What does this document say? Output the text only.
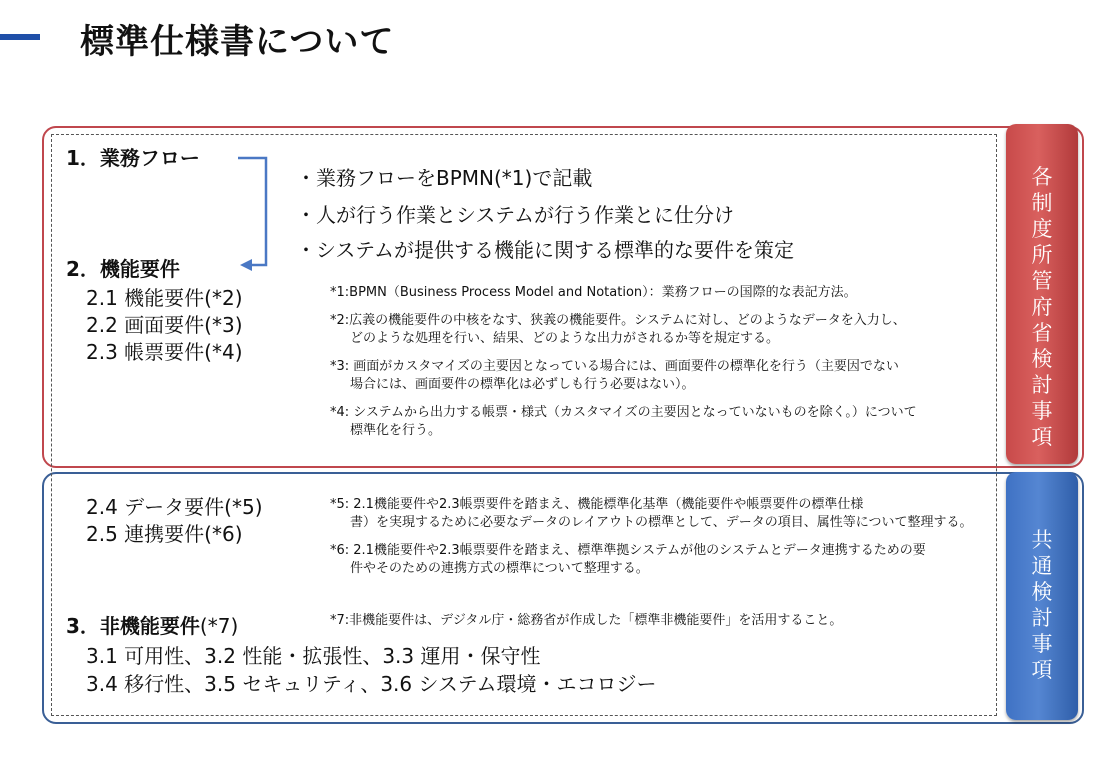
標準仕様書について
各制度所管府省検討事項
共通検討事項
1．業務フロー
2．機能要件
2.1 機能要件(*2)
2.2 画面要件(*3)
2.3 帳票要件(*4)
・業務フローをBPMN(*1)で記載
・人が行う作業とシステムが行う作業とに仕分け
・システムが提供する機能に関する標準的な要件を策定
*1:BPMN（Business Process Model and Notation）：業務フローの国際的な表記方法。
*2:広義の機能要件の中核をなす、狭義の機能要件。システムに対し、どのようなデータを入力し、
どのような処理を行い、結果、どのような出力がされるか等を規定する。
*3: 画面がカスタマイズの主要因となっている場合には、画面要件の標準化を行う（主要因でない
場合には、画面要件の標準化は必ずしも行う必要はない）。
*4: システムから出力する帳票・様式（カスタマイズの主要因となっていないものを除く。）について
標準化を行う。
2.4 データ要件(*5)
2.5 連携要件(*6)
*5: 2.1機能要件や2.3帳票要件を踏まえ、機能標準化基準（機能要件や帳票要件の標準仕様
書）を実現するために必要なデータのレイアウトの標準として、データの項目、属性等について整理する。
*6: 2.1機能要件や2.3帳票要件を踏まえ、標準準拠システムが他のシステムとデータ連携するための要
件やそのための連携方式の標準について整理する。
3．非機能要件(*7)	*7:非機能要件は、デジタル庁・総務省が作成した「標準非機能要件」を活用すること。
3.1 可用性、3.2 性能・拡張性、3.3 運用・保守性
3.4 移行性、3.5 セキュリティ、3.6 システム環境・エコロジー
